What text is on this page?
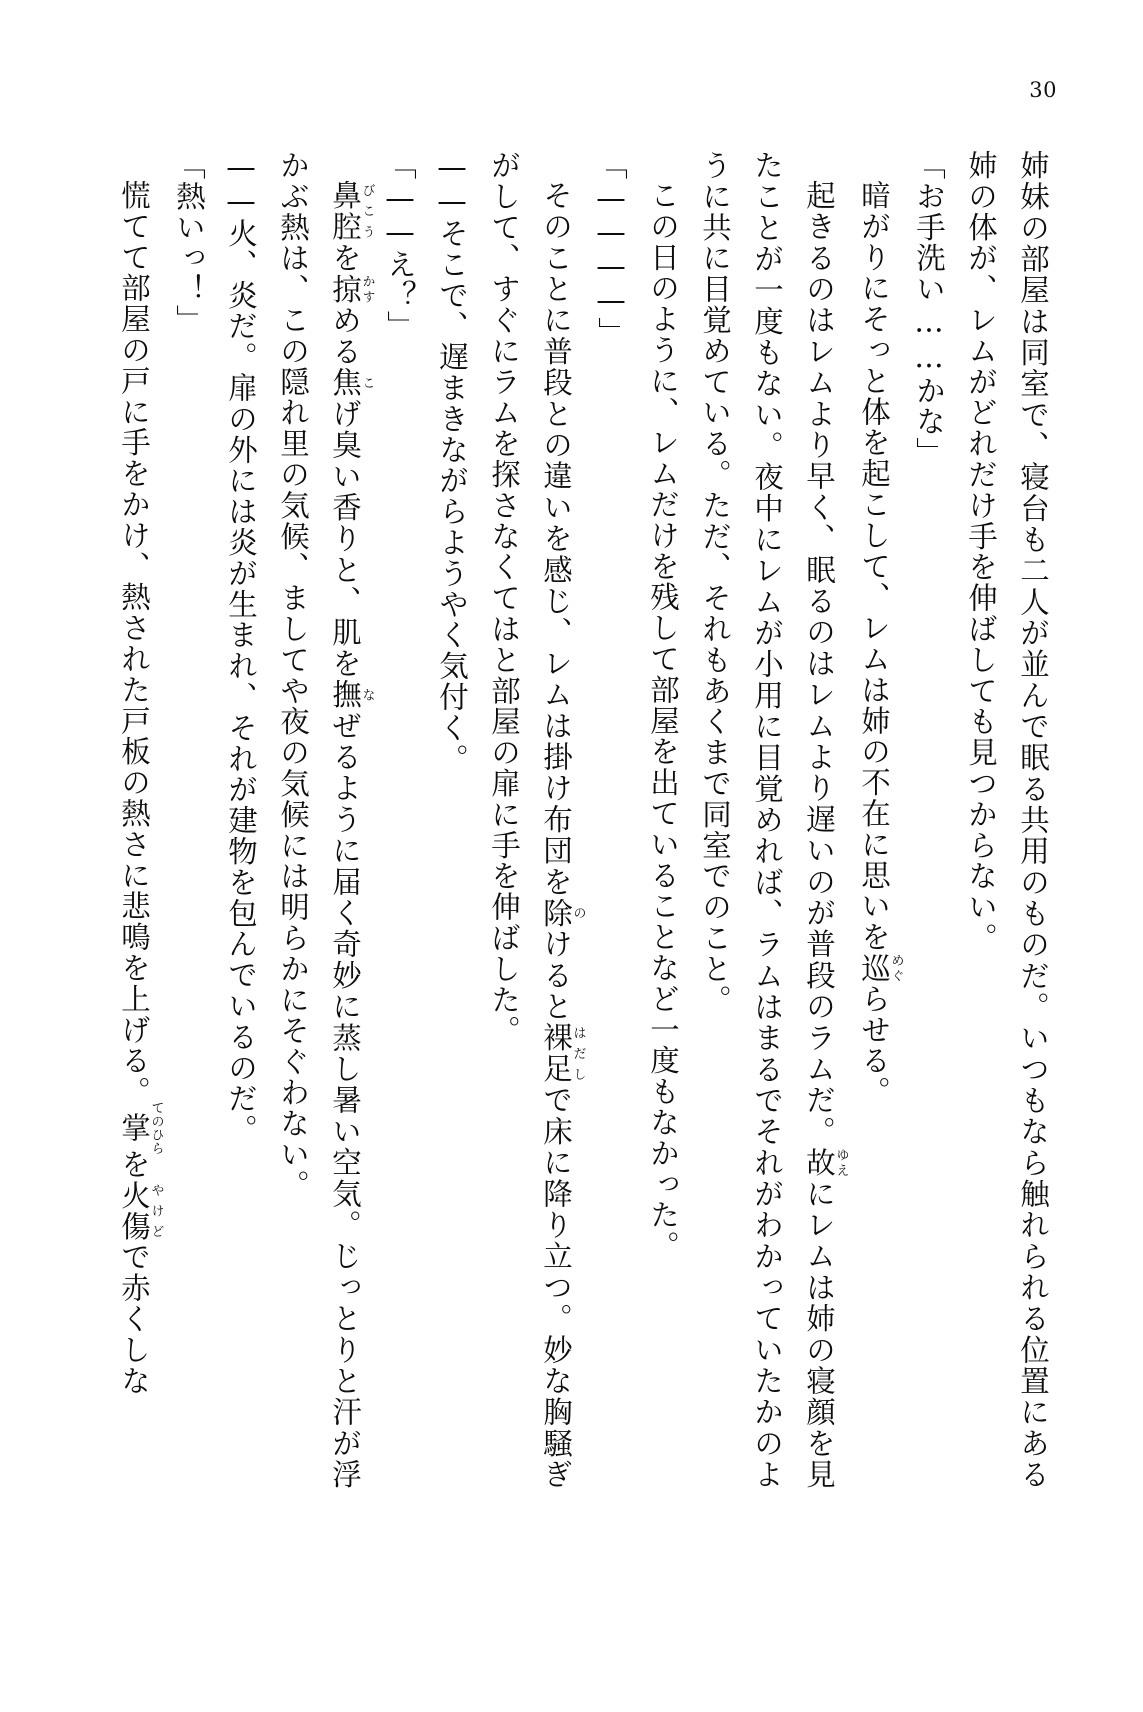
30

姉妹の部屋は同室で、寝台も二人が並んで眠る共用のものだ。いつもなら触れられる位置にある姉の体が、レムがどれだけ手を伸ばしても見つからない。

「お手洗い……かな」

暗がりにそっと体を起こして、レムは姉の不在に思いを巡めぐらせる。

起きるのはレムより早く、眠るのはレムより遅いのが普段のラムだ。故ゆえにレムは姉の寝顔を見たことが一度もない。夜中にレムが小用に目覚めれば、ラムはまるでそれがわかっていたかのように共に目覚めている。ただ、それもあくまで同室でのこと。

この日のように、レムだけを残して部屋を出ていることなど一度もなかった。

「————」

そのことに普段との違いを感じ、レムは掛け布団を除のけると裸足はだしで床に降り立つ。妙な胸騒ぎがして、すぐにラムを探さなくてはと部屋の扉に手を伸ばした。

——そこで、遅まきながらようやく気付く。

「——え？」

鼻腔びこうを掠かすめる焦こげ臭い香りと、肌を撫なぜるように届く奇妙に蒸し暑い空気。じっとりと汗が浮かぶ熱は、この隠れ里の気候、ましてや夜の気候には明らかにそぐわない。

——火、炎だ。扉の外には炎が生まれ、それが建物を包んでいるのだ。

「熱いっ！」

慌てて部屋の戸に手をかけ、熱された戸板の熱さに悲鳴を上げる。掌てのひらを火傷やけどで赤くしな
